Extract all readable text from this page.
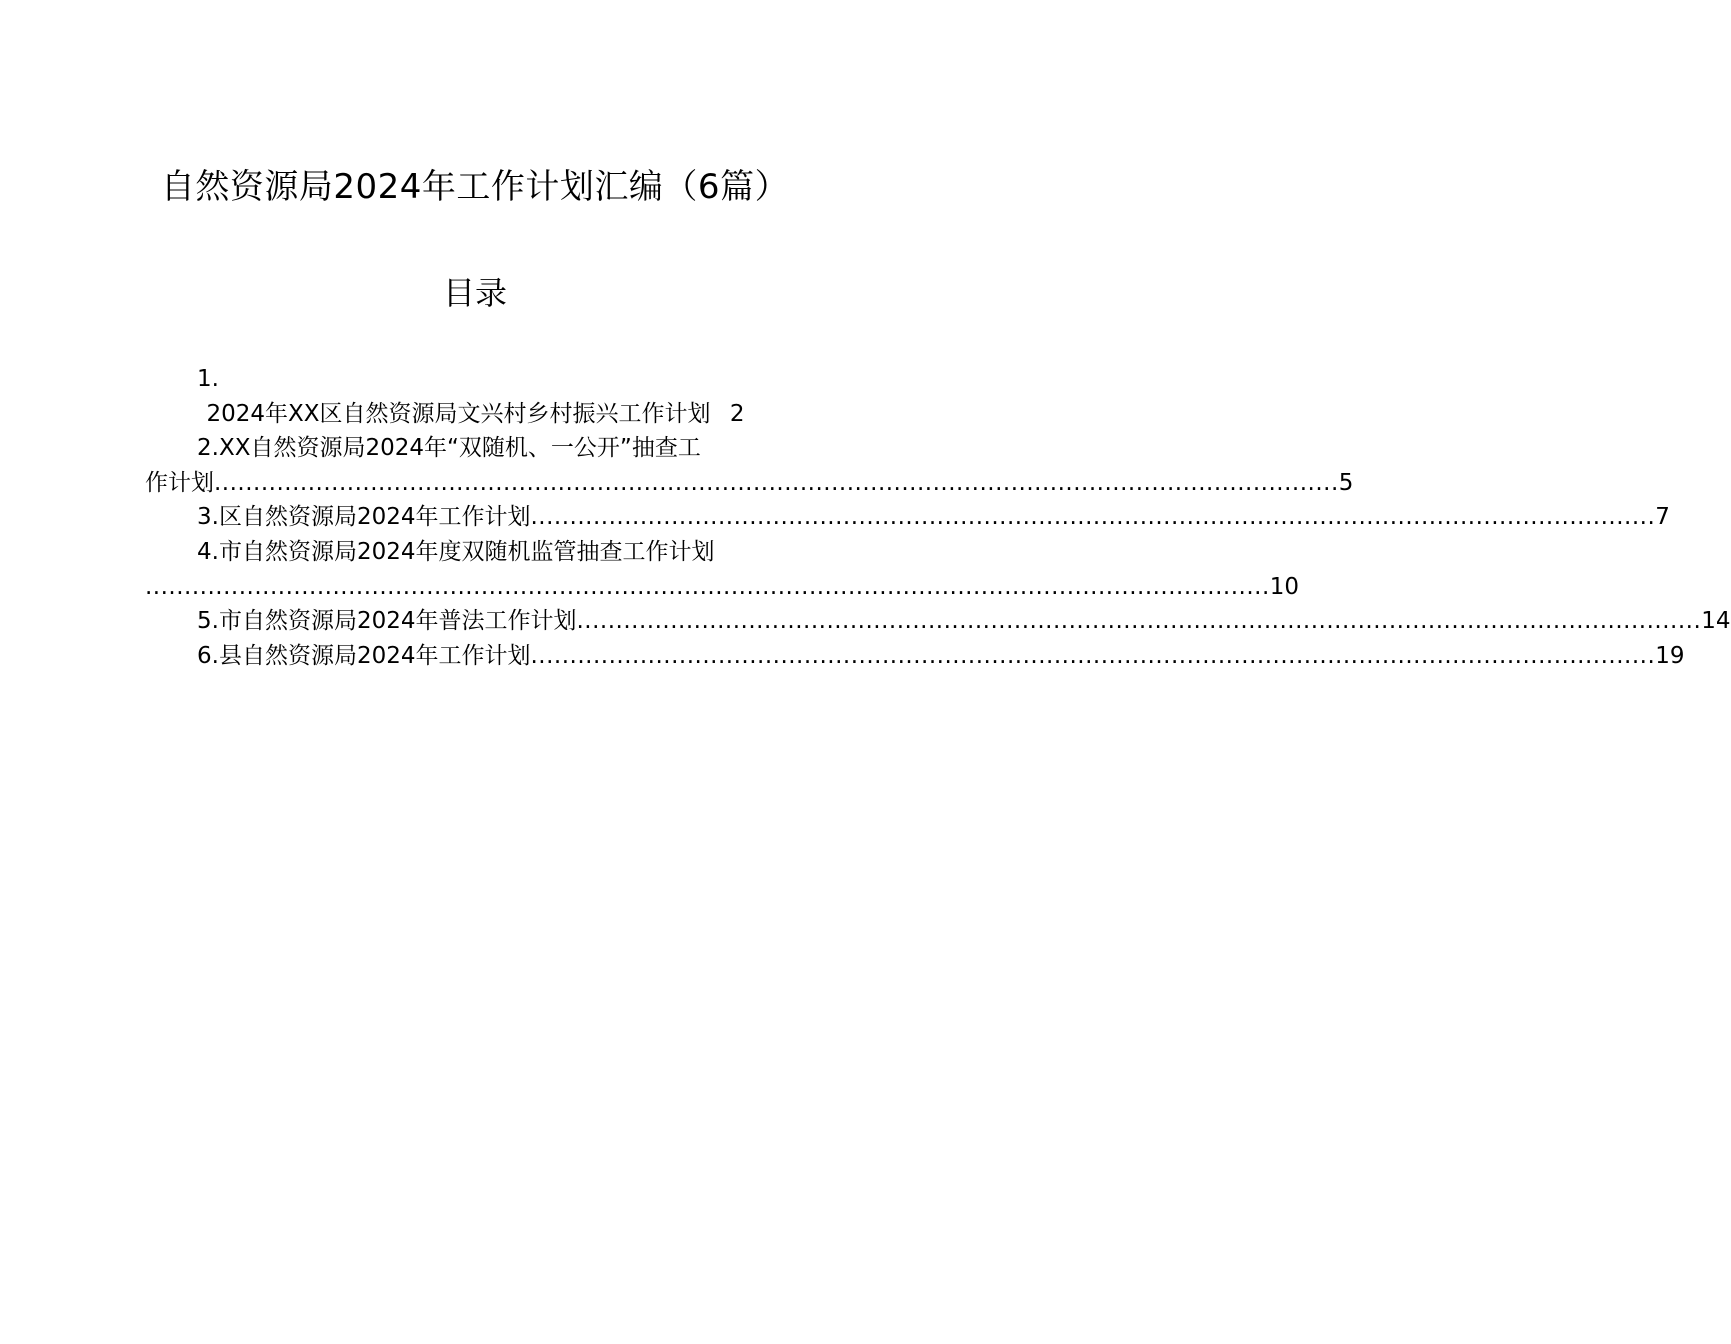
自然资源局2024年工作计划汇编（6篇）
目录
1.
2024年XX区自然资源局文兴村乡村振兴工作计划 2
2.XX自然资源局2024年“双随机、一公开”抽查工
作计划 ................................................................................................................................................ 5
3.区自然资源局2024年工作计划 ................................................................................................................................................ 7
4.市自然资源局2024年度双随机监管抽查工作计划
................................................................................................................................................ 10
5.市自然资源局2024年普法工作计划 ................................................................................................................................................ 14
6.县自然资源局2024年工作计划 ................................................................................................................................................ 19
